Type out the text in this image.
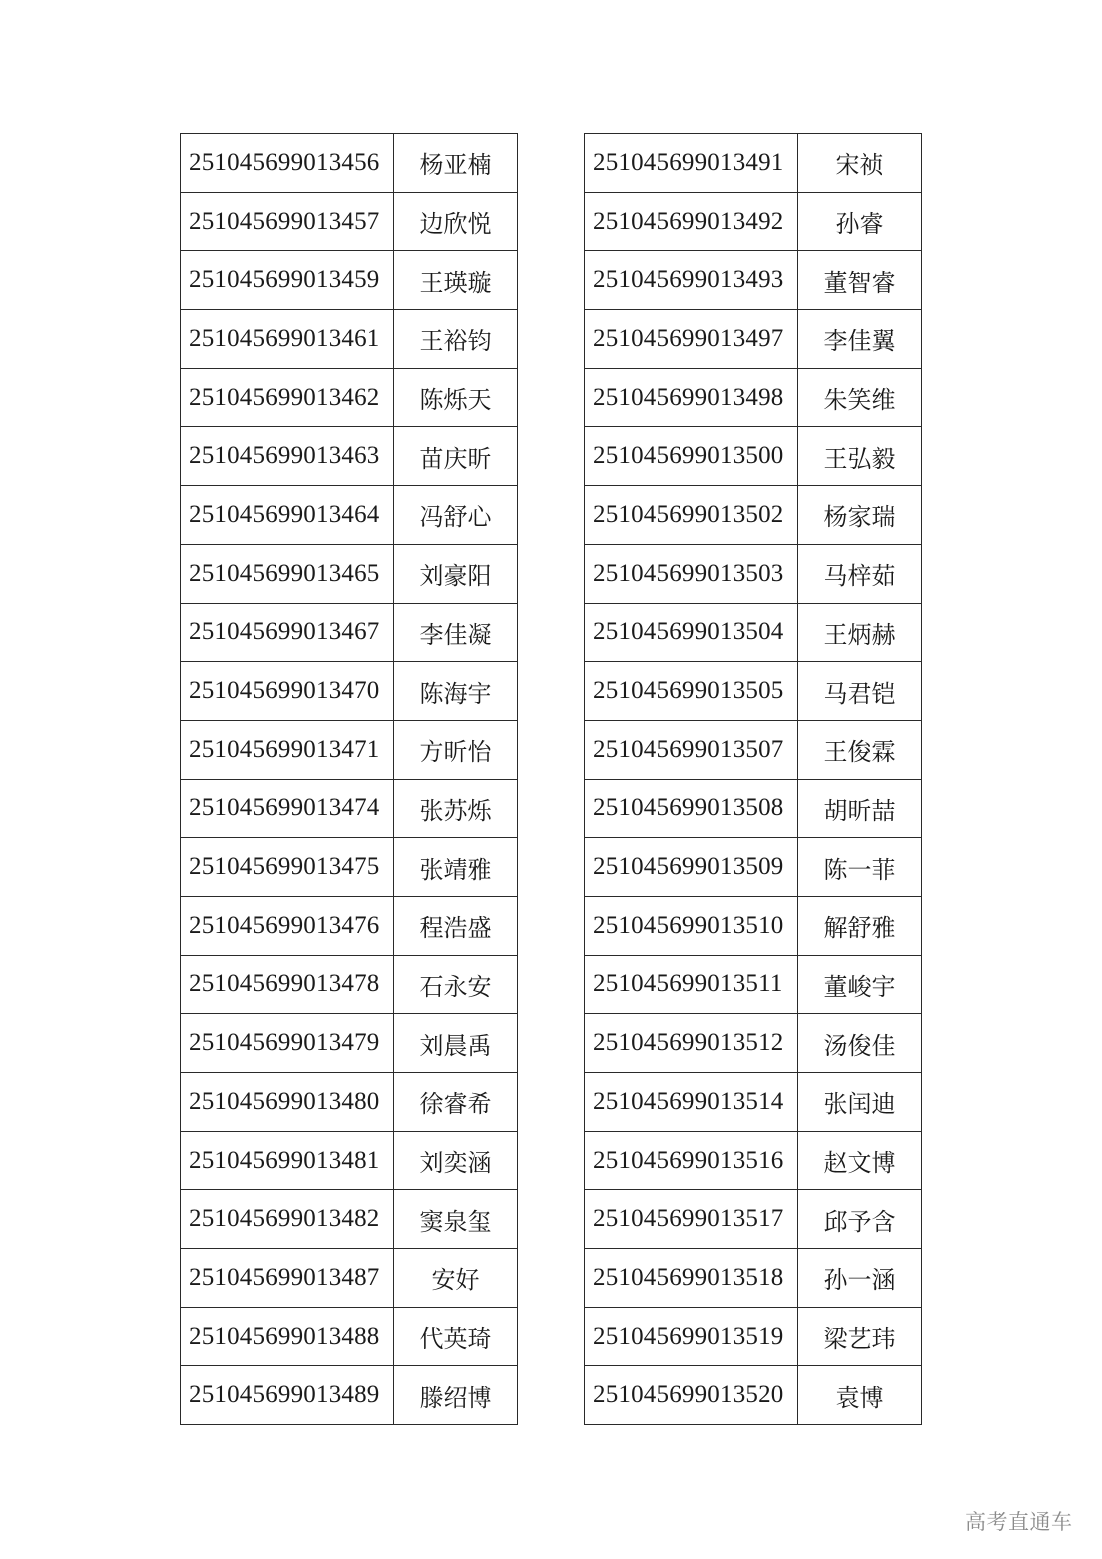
251045699013456	杨亚楠
251045699013457	边欣悦
251045699013459	王瑛璇
251045699013461	王裕钧
251045699013462	陈烁天
251045699013463	苗庆昕
251045699013464	冯舒心
251045699013465	刘豪阳
251045699013467	李佳凝
251045699013470	陈海宇
251045699013471	方昕怡
251045699013474	张苏烁
251045699013475	张靖雅
251045699013476	程浩盛
251045699013478	石永安
251045699013479	刘晨禹
251045699013480	徐睿希
251045699013481	刘奕涵
251045699013482	窦泉玺
251045699013487	安好
251045699013488	代英琦
251045699013489	滕绍博
251045699013491	宋祯
251045699013492	孙睿
251045699013493	董智睿
251045699013497	李佳翼
251045699013498	朱笑维
251045699013500	王弘毅
251045699013502	杨家瑞
251045699013503	马梓茹
251045699013504	王炳赫
251045699013505	马君铠
251045699013507	王俊霖
251045699013508	胡昕喆
251045699013509	陈一菲
251045699013510	解舒雅
251045699013511	董峻宇
251045699013512	汤俊佳
251045699013514	张闰迪
251045699013516	赵文博
251045699013517	邱予含
251045699013518	孙一涵
251045699013519	梁艺玮
251045699013520	袁博
高考直通车
